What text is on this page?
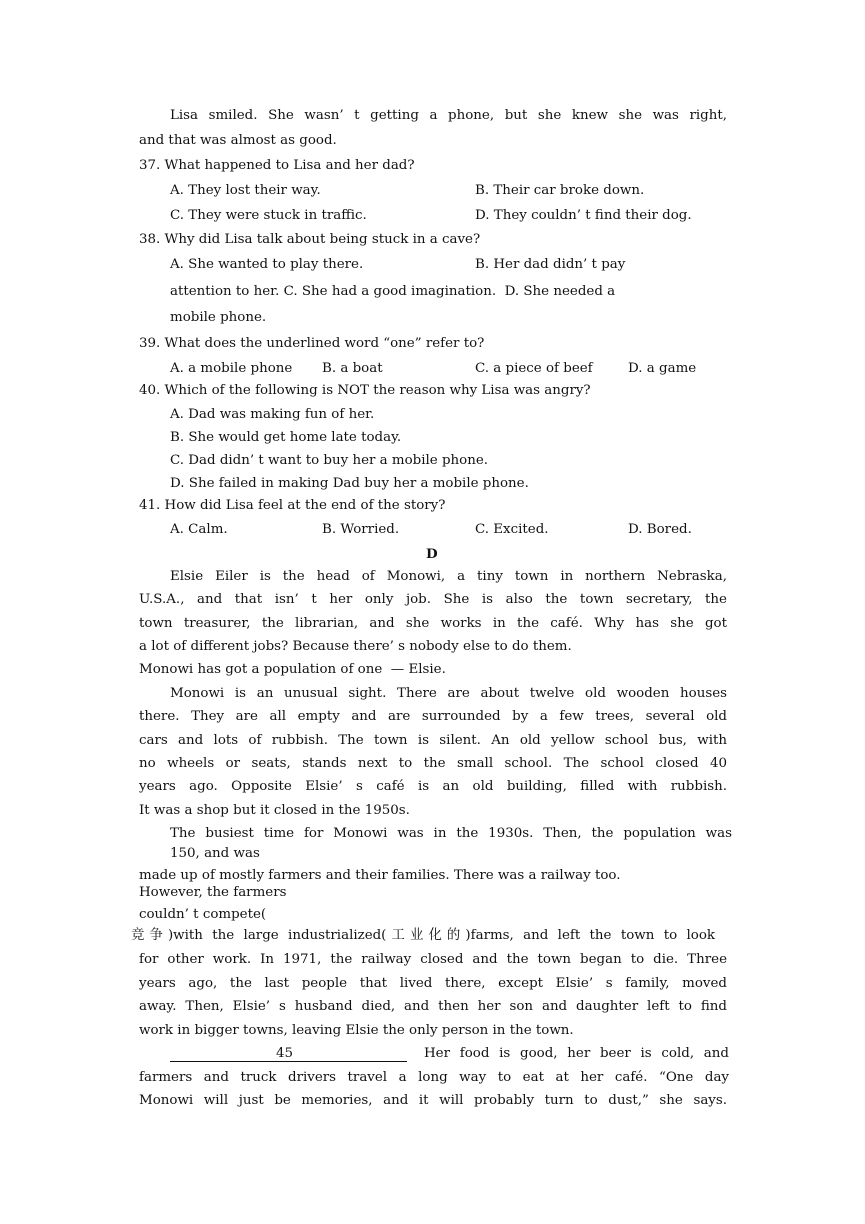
Lisa smiled. She wasn’ t getting a phone, but she knew she was right,
and that was almost as good.
37. What happened to Lisa and her dad?
A. They lost their way.	B. Their car broke down.
C. They were stuck in traffic.	D. They couldn’ t find their dog.
38. Why did Lisa talk about being stuck in a cave?
A. She wanted to play there.	B. Her dad didn’ t pay
attention to her. C. She had a good imagination.  D. She needed a
mobile phone.
39. What does the underlined word “one” refer to?
A. a mobile phone B. a boat	C. a piece of beef	D. a game
40. Which of the following is NOT the reason why Lisa was angry?
A. Dad was making fun of her.
B. She would get home late today.
C. Dad didn’ t want to buy her a mobile phone.
D. She failed in making Dad buy her a mobile phone.
41. How did Lisa feel at the end of the story?
A. Calm.	B. Worried.	C. Excited.	D. Bored.
D
Elsie Eiler is the head of Monowi, a tiny town in northern Nebraska,
U.S.A., and that isn’ t her only job. She is also the town secretary, the
town treasurer, the librarian, and she works in the café. Why has she got
a lot of different jobs? Because there’ s nobody else to do them.
Monowi has got a population of one  — Elsie.
Monowi is an unusual sight. There are about twelve old wooden houses
there. They are all empty and are surrounded by a few trees, several old
cars and lots of rubbish. The town is silent. An old yellow school bus, with
no wheels or seats, stands next to the small school. The school closed 40
years ago. Opposite Elsie’ s café is an old building, filled with rubbish.
It was a shop but it closed in the 1950s.
The busiest time for Monowi was in the 1930s. Then, the population was
150, and was
made up of mostly farmers and their families. There was a railway too.
However, the farmers
couldn’ t compete(
竞争)with the large industrialized(工业化的)farms, and left the town to look
for other work. In 1971, the railway closed and the town began to die. Three
years ago, the last people that lived there, except Elsie’ s family, moved
away. Then, Elsie’ s husband died, and then her son and daughter left to find
work in bigger towns, leaving Elsie the only person in the town.
45	Her food is good, her beer is cold, and
farmers and truck drivers travel a long way to eat at her café. “One day
Monowi will just be memories, and it will probably turn to dust,” she says.
